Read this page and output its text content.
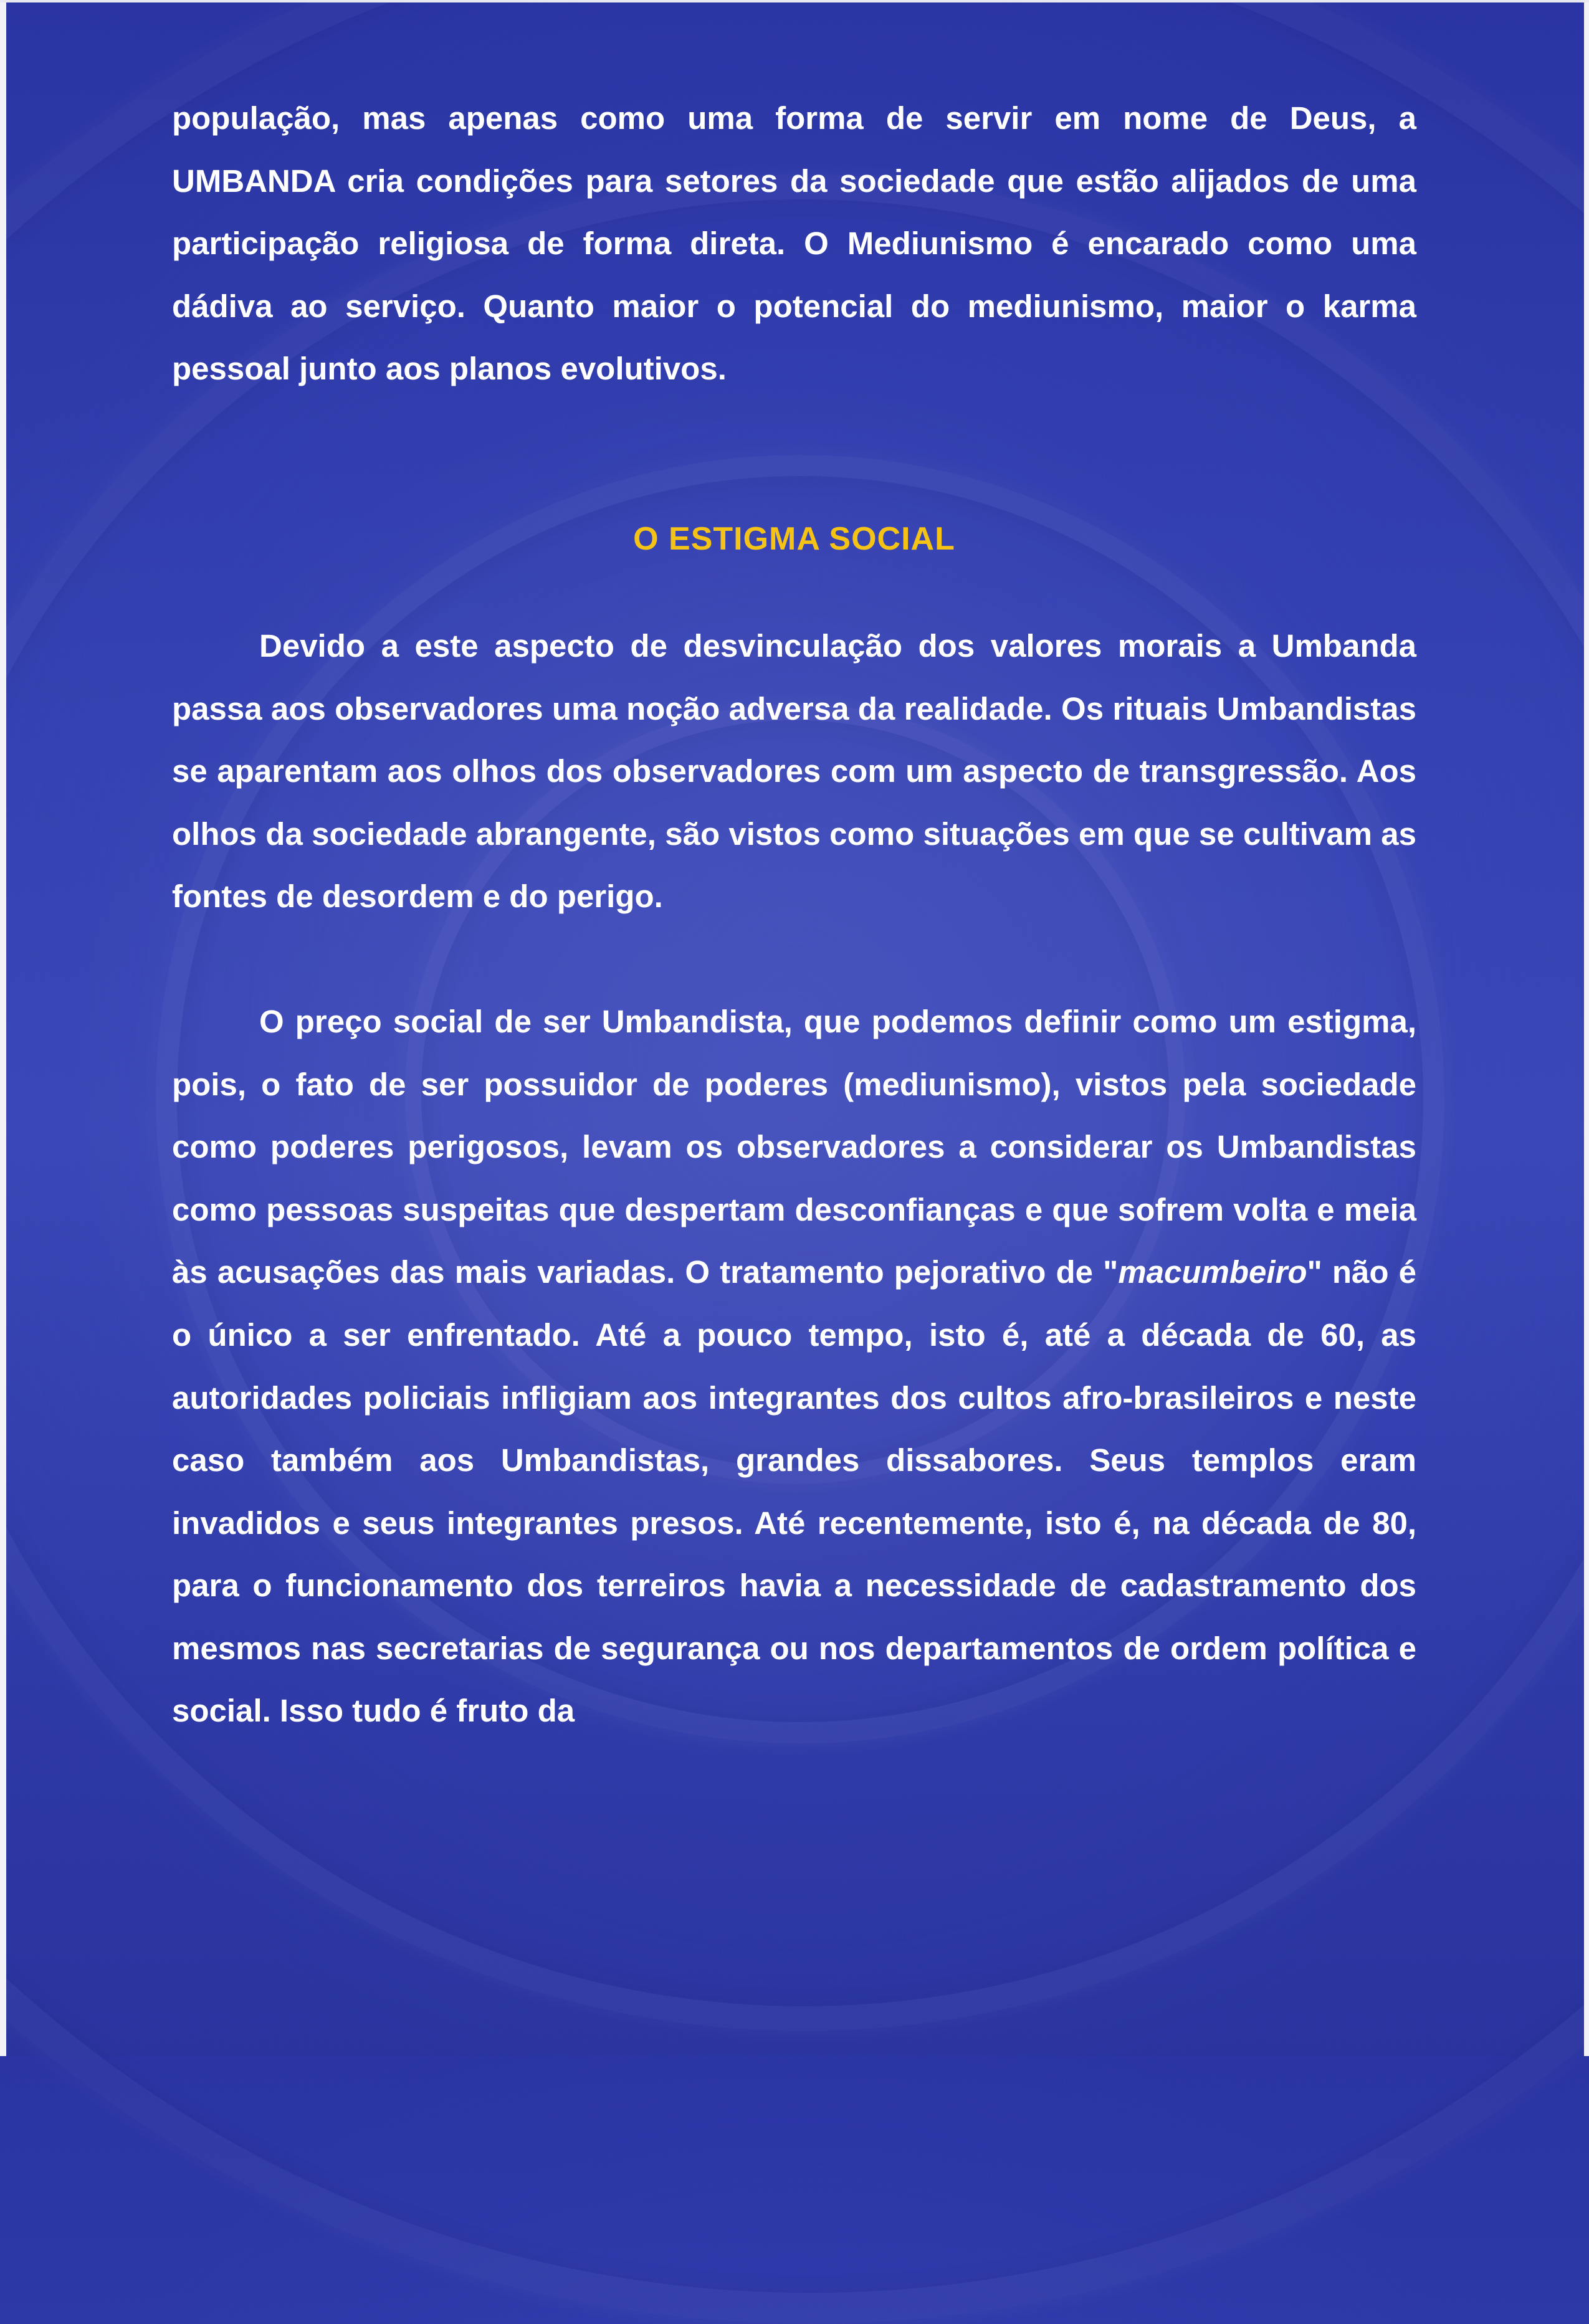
população, mas apenas como uma forma de servir em nome de Deus, a UMBANDA cria condições para setores da sociedade que estão alijados de uma participação religiosa de forma direta. O Mediunismo é encarado como uma dádiva ao serviço. Quanto maior o potencial do mediunismo, maior o karma pessoal junto aos planos evolutivos.

O ESTIGMA SOCIAL

Devido a este aspecto de desvinculação dos valores morais a Umbanda passa aos observadores uma noção adversa da realidade. Os rituais Umbandistas se aparentam aos olhos dos observadores com um aspecto de transgressão. Aos olhos da sociedade abrangente, são vistos como situações em que se cultivam as fontes de desordem e do perigo.

O preço social de ser Umbandista, que podemos definir como um estigma, pois, o fato de ser possuidor de poderes (mediunismo), vistos pela sociedade como poderes perigosos, levam os observadores a considerar os Umbandistas como pessoas suspeitas que despertam desconfianças e que sofrem volta e meia às acusações das mais variadas. O tratamento pejorativo de "macumbeiro" não é o único a ser enfrentado. Até a pouco tempo, isto é, até a década de 60, as autoridades policiais infligiam aos integrantes dos cultos afro-brasileiros e neste caso também aos Umbandistas, grandes dissabores. Seus templos eram invadidos e seus integrantes presos. Até recentemente, isto é, na década de 80, para o funcionamento dos terreiros havia a necessidade de cadastramento dos mesmos nas secretarias de segurança ou nos departamentos de ordem política e social. Isso tudo é fruto da
